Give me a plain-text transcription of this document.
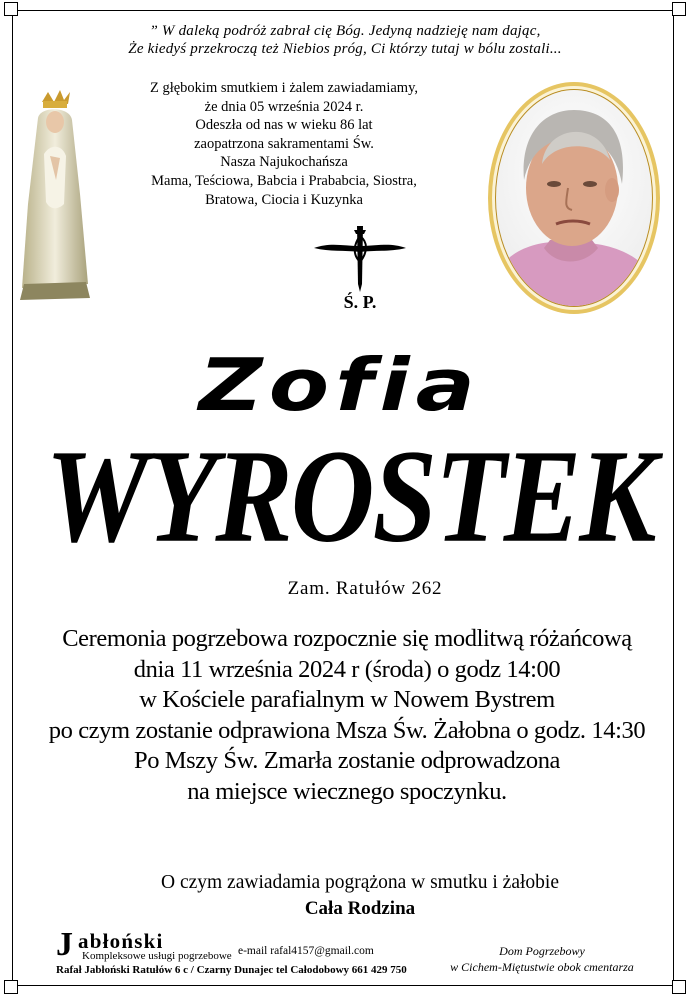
” W daleką podróż zabrał cię Bóg. Jedyną nadzieję nam dając,
Że kiedyś przekroczą też Niebios próg, Ci którzy tutaj w bólu zostali...
Z głębokim smutkiem i żalem zawiadamiamy,
że dnia 05 września 2024 r.
Odeszła od nas w wieku 86 lat
zaopatrzona sakramentami Św.
Nasza Najukochańsza
Mama, Teściowa, Babcia i Prababcia, Siostra,
Bratowa, Ciocia i Kuzynka
Ś. P.
Zofia
WYROSTEK
Zam. Ratułów 262
Ceremonia pogrzebowa rozpocznie się modlitwą różańcową
dnia 11 września 2024 r (środa) o godz 14:00
w Kościele parafialnym w Nowem Bystrem
po czym zostanie odprawiona Msza Św. Żałobna o godz. 14:30
Po Mszy Św. Zmarła zostanie odprowadzona
na miejsce wiecznego spoczynku.
O czym zawiadamia pogrążona w smutku i żałobie
Cała Rodzina
J abłoński
Kompleksowe usługi pogrzebowe e-mail rafal4157@gmail.com
Rafał Jabłoński Ratułów 6 c / Czarny Dunajec tel Całodobowy 661 429 750
Dom Pogrzebowy
w Cichem-Miętustwie obok cmentarza
